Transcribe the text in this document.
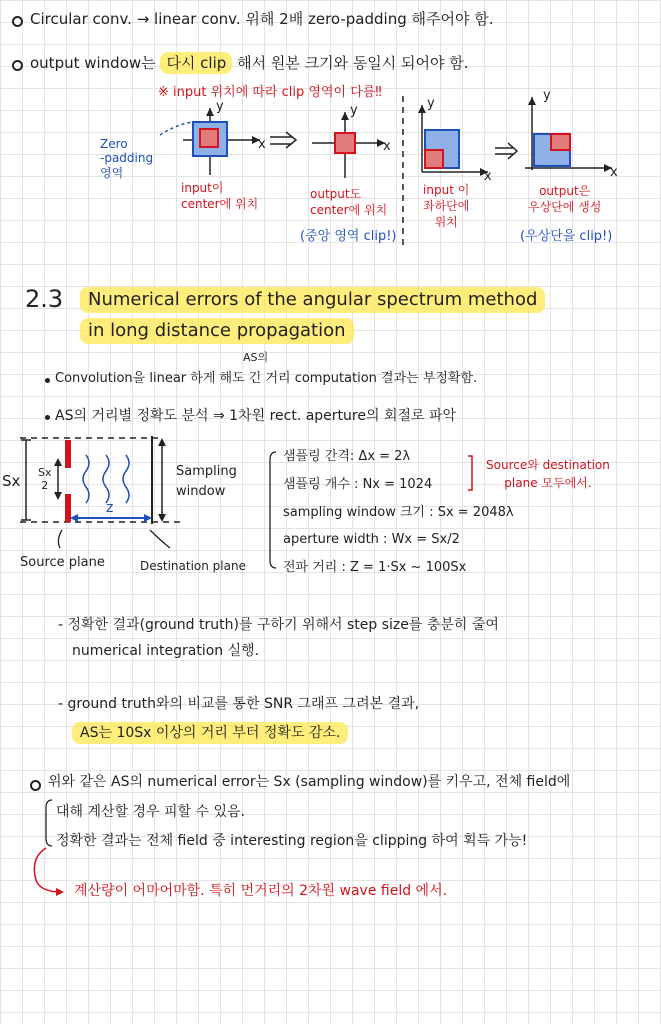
Circular conv. → linear conv. 위해 2배 zero-padding 해주어야 함.
output window는 다시 clip 해서 원본 크기와 동일시 되어야 함.
※ input 위치에 따라 clip 영역이 다름‼
x
y
x
y
x
y
x
y
Zero
-padding
영역
input이
center에 위치
output도
center에 위치
(중앙 영역 clip!)
input 이
좌하단에
위치
output은
우상단에 생성
(우상단을 clip!)
2.3	Numerical errors of the angular spectrum method
in long distance propagation
AS의
Convolution을 linear 하게 해도 긴 거리 computation 결과는 부정확함.
AS의 거리별 정확도 분석 ⇒ 1차원 rect. aperture의 회절로 파악
Sx Sx
2
z
Sampling
window
Source plane	Destination plane
샘플링 간격: Δx = 2λ
샘플링 개수 : Nx = 1024
sampling window 크기 : Sx = 2048λ
aperture width : Wx = Sx/2
전파 거리 : Z = 1·Sx ~ 100Sx
Source와 destination
plane 모두에서.
- 정확한 결과(ground truth)를 구하기 위해서 step size를 충분히 줄여
numerical integration 실행.
- ground truth와의 비교를 통한 SNR 그래프 그려본 결과,
AS는 10Sx 이상의 거리 부터 정확도 감소.
위와 같은 AS의 numerical error는 Sx (sampling window)를 키우고, 전체 field에
대해 계산할 경우 피할 수 있음.
정확한 결과는 전체 field 중 interesting region을 clipping 하여 획득 가능!
계산량이 어마어마함. 특히 먼거리의 2차원 wave field 에서.
